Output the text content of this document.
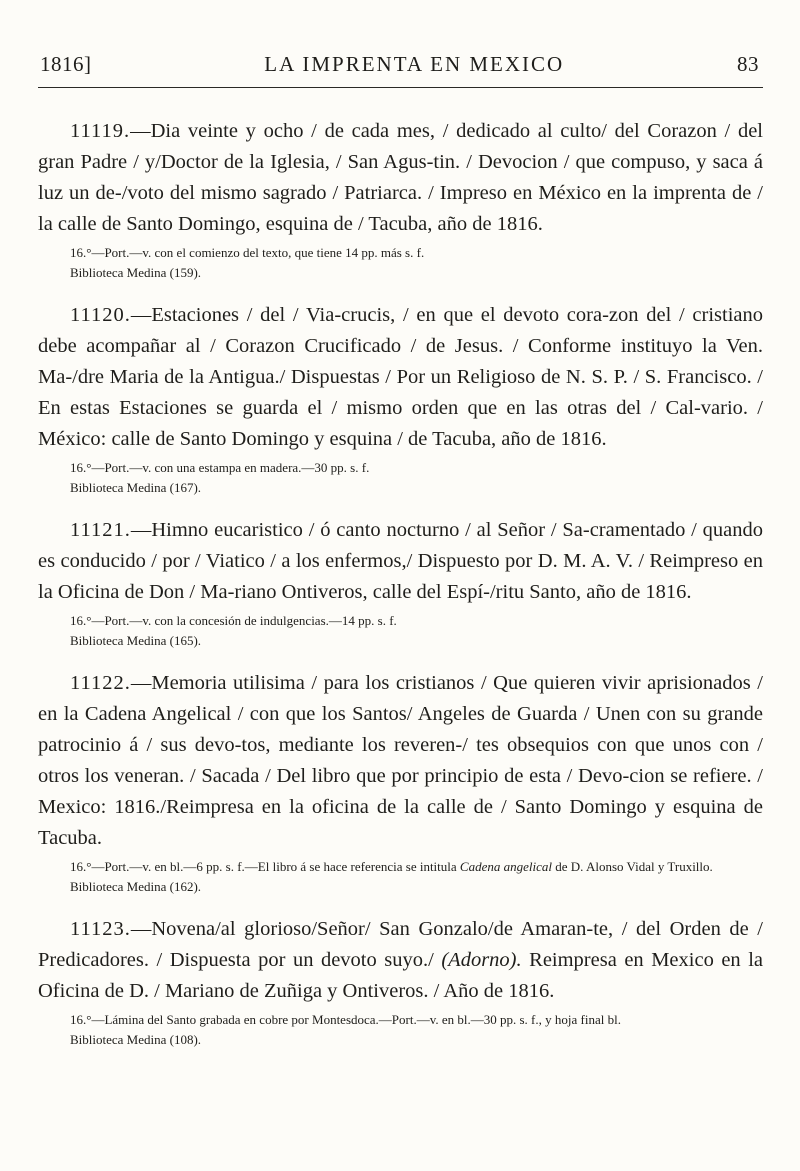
1816]	LA IMPRENTA EN MEXICO	83

11119.—Dia veinte y ocho / de cada mes, / dedicado al culto/ del Corazon / del gran Padre / y/Doctor de la Iglesia, / San Agus-tin. / Devocion / que compuso, y saca á luz un de-/voto del mismo sagrado / Patriarca. / Impreso en México en la imprenta de / la calle de Santo Domingo, esquina de / Tacuba, año de 1816.

16.°—Port.—v. con el comienzo del texto, que tiene 14 pp. más s. f.

Biblioteca Medina (159).

11120.—Estaciones / del / Via-crucis, / en que el devoto cora-zon del / cristiano debe acompañar al / Corazon Crucificado / de Jesus. / Conforme instituyo la Ven. Ma-/dre Maria de la Antigua./ Dispuestas / Por un Religioso de N. S. P. / S. Francisco. / En estas Estaciones se guarda el / mismo orden que en las otras del / Cal-vario. / México: calle de Santo Domingo y esquina / de Tacuba, año de 1816.

16.°—Port.—v. con una estampa en madera.—30 pp. s. f.

Biblioteca Medina (167).

11121.—Himno eucaristico / ó canto nocturno / al Señor / Sa-cramentado / quando es conducido / por / Viatico / a los enfermos,/ Dispuesto por D. M. A. V. / Reimpreso en la Oficina de Don / Ma-riano Ontiveros, calle del Espí-/ritu Santo, año de 1816.

16.°—Port.—v. con la concesión de indulgencias.—14 pp. s. f.

Biblioteca Medina (165).

11122.—Memoria utilisima / para los cristianos / Que quieren vivir aprisionados / en la Cadena Angelical / con que los Santos/ Angeles de Guarda / Unen con su grande patrocinio á / sus devo-tos, mediante los reveren-/ tes obsequios con que unos con / otros los veneran. / Sacada / Del libro que por principio de esta / Devo-cion se refiere. / Mexico: 1816./Reimpresa en la oficina de la calle de / Santo Domingo y esquina de Tacuba.

16.°—Port.—v. en bl.—6 pp. s. f.—El libro á se hace referencia se intitula Cadena angelical de D. Alonso Vidal y Truxillo.

Biblioteca Medina (162).

11123.—Novena/al glorioso/Señor/ San Gonzalo/de Amaran-te, / del Orden de / Predicadores. / Dispuesta por un devoto suyo./ (Adorno). Reimpresa en Mexico en la Oficina de D. / Mariano de Zuñiga y Ontiveros. / Año de 1816.

16.°—Lámina del Santo grabada en cobre por Montesdoca.—Port.—v. en bl.—30 pp. s. f., y hoja final bl.

Biblioteca Medina (108).
